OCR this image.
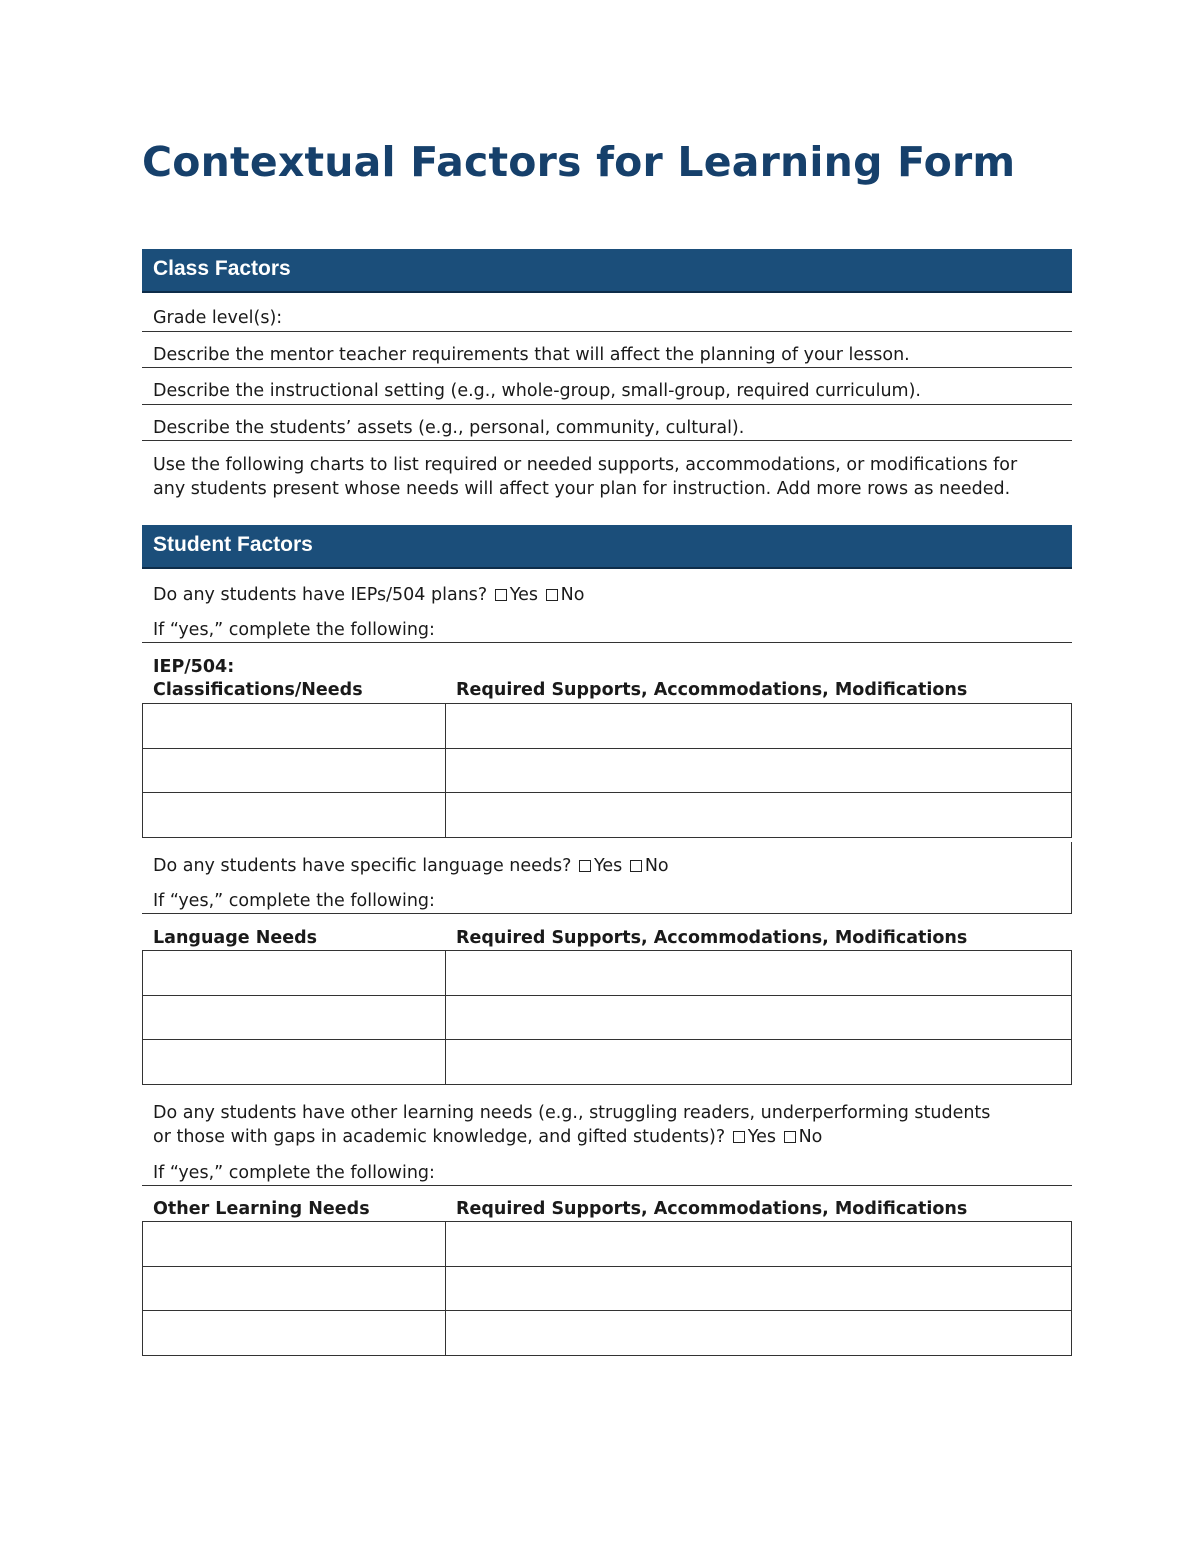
Contextual Factors for Learning Form
Class Factors
Grade level(s):
Describe the mentor teacher requirements that will affect the planning of your lesson.
Describe the instructional setting (e.g., whole-group, small-group, required curriculum).
Describe the students’ assets (e.g., personal, community, cultural).
Use the following charts to list required or needed supports, accommodations, or modifications for any students present whose needs will affect your plan for instruction. Add more rows as needed.
Student Factors
Do any students have IEPs/504 plans? Yes No
If “yes,” complete the following:
IEP/504:
Classifications/Needs	Required Supports, Accommodations, Modifications

Do any students have specific language needs? Yes No
If “yes,” complete the following:
Language Needs	Required Supports, Accommodations, Modifications

Do any students have other learning needs (e.g., struggling readers, underperforming students or those with gaps in academic knowledge, and gifted students)? Yes No
If “yes,” complete the following:
Other Learning Needs	Required Supports, Accommodations, Modifications
